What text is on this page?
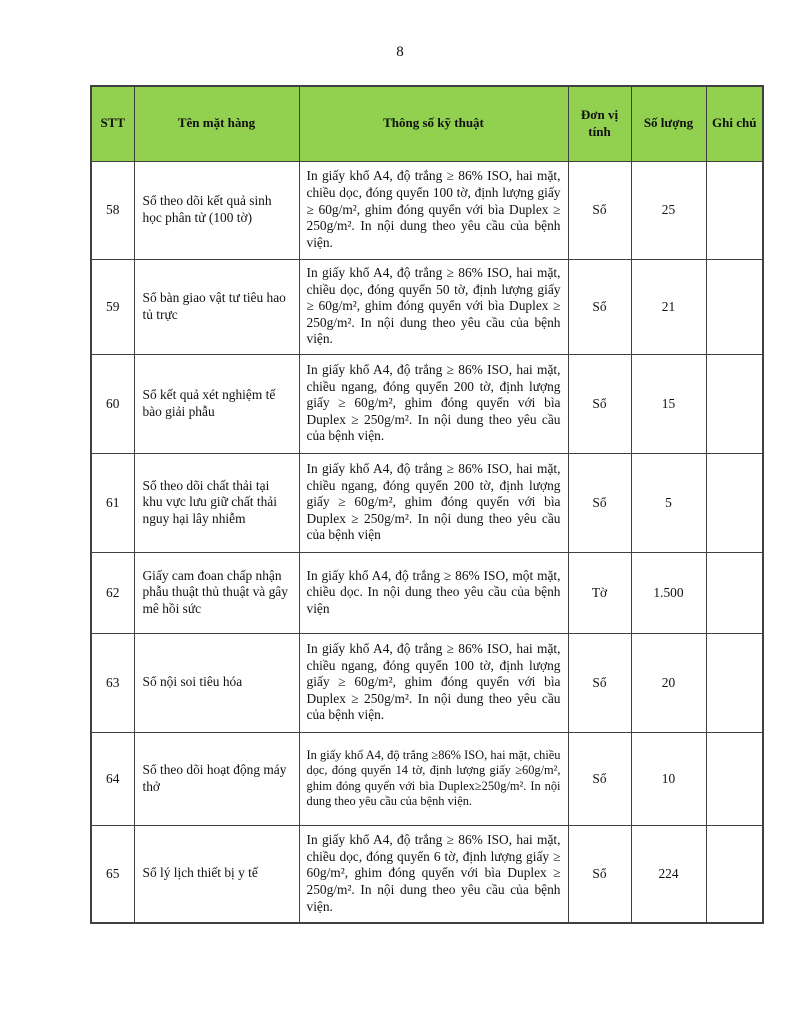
8
STT	Tên mặt hàng	Thông số kỹ thuật	Đơn vị tính	Số lượng	Ghi chú
58	Sổ theo dõi kết quả sinh học phân tử (100 tờ)	In giấy khổ A4, độ trắng ≥ 86% ISO, hai mặt, chiều dọc, đóng quyển 100 tờ, định lượng giấy ≥ 60g/m², ghim đóng quyển với bìa Duplex ≥ 250g/m². In nội dung theo yêu cầu của bệnh viện.	Sổ	25	
59	Sổ bàn giao vật tư tiêu hao tủ trực	In giấy khổ A4, độ trắng ≥ 86% ISO, hai mặt, chiều dọc, đóng quyển 50 tờ, định lượng giấy ≥ 60g/m², ghim đóng quyển với bìa Duplex ≥ 250g/m². In nội dung theo yêu cầu của bệnh viện.	Sổ	21	
60	Sổ kết quả xét nghiệm tế bào giải phẫu	In giấy khổ A4, độ trắng ≥ 86% ISO, hai mặt, chiều ngang, đóng quyển 200 tờ, định lượng giấy ≥ 60g/m², ghim đóng quyển với bìa Duplex ≥ 250g/m². In nội dung theo yêu cầu của bệnh viện.	Sổ	15	
61	Sổ theo dõi chất thải tại khu vực lưu giữ chất thải nguy hại lây nhiễm	In giấy khổ A4, độ trắng ≥ 86% ISO, hai mặt, chiều ngang, đóng quyển 200 tờ, định lượng giấy ≥ 60g/m², ghim đóng quyển với bìa Duplex ≥ 250g/m². In nội dung theo yêu cầu của bệnh viện	Sổ	5	
62	Giấy cam đoan chấp nhận phẫu thuật thủ thuật và gây mê hồi sức	In giấy khổ A4, độ trắng ≥ 86% ISO, một mặt, chiều dọc. In nội dung theo yêu cầu của bệnh viện	Tờ	1.500	
63	Sổ nội soi tiêu hóa	In giấy khổ A4, độ trắng ≥ 86% ISO, hai mặt, chiều ngang, đóng quyển 100 tờ, định lượng giấy ≥ 60g/m², ghim đóng quyển với bìa Duplex ≥ 250g/m². In nội dung theo yêu cầu của bệnh viện.	Sổ	20	
64	Sổ theo dõi hoạt động máy thở	In giấy khổ A4, độ trắng ≥86% ISO, hai mặt, chiều dọc, đóng quyển 14 tờ, định lượng giấy ≥60g/m², ghim đóng quyển với bìa Duplex≥250g/m². In nội dung theo yêu cầu của bệnh viện.	Sổ	10	
65	Sổ lý lịch thiết bị y tế	In giấy khổ A4, độ trắng ≥ 86% ISO, hai mặt, chiều dọc, đóng quyển 6 tờ, định lượng giấy ≥ 60g/m², ghim đóng quyển với bìa Duplex ≥ 250g/m². In nội dung theo yêu cầu của bệnh viện.	Sổ	224	
